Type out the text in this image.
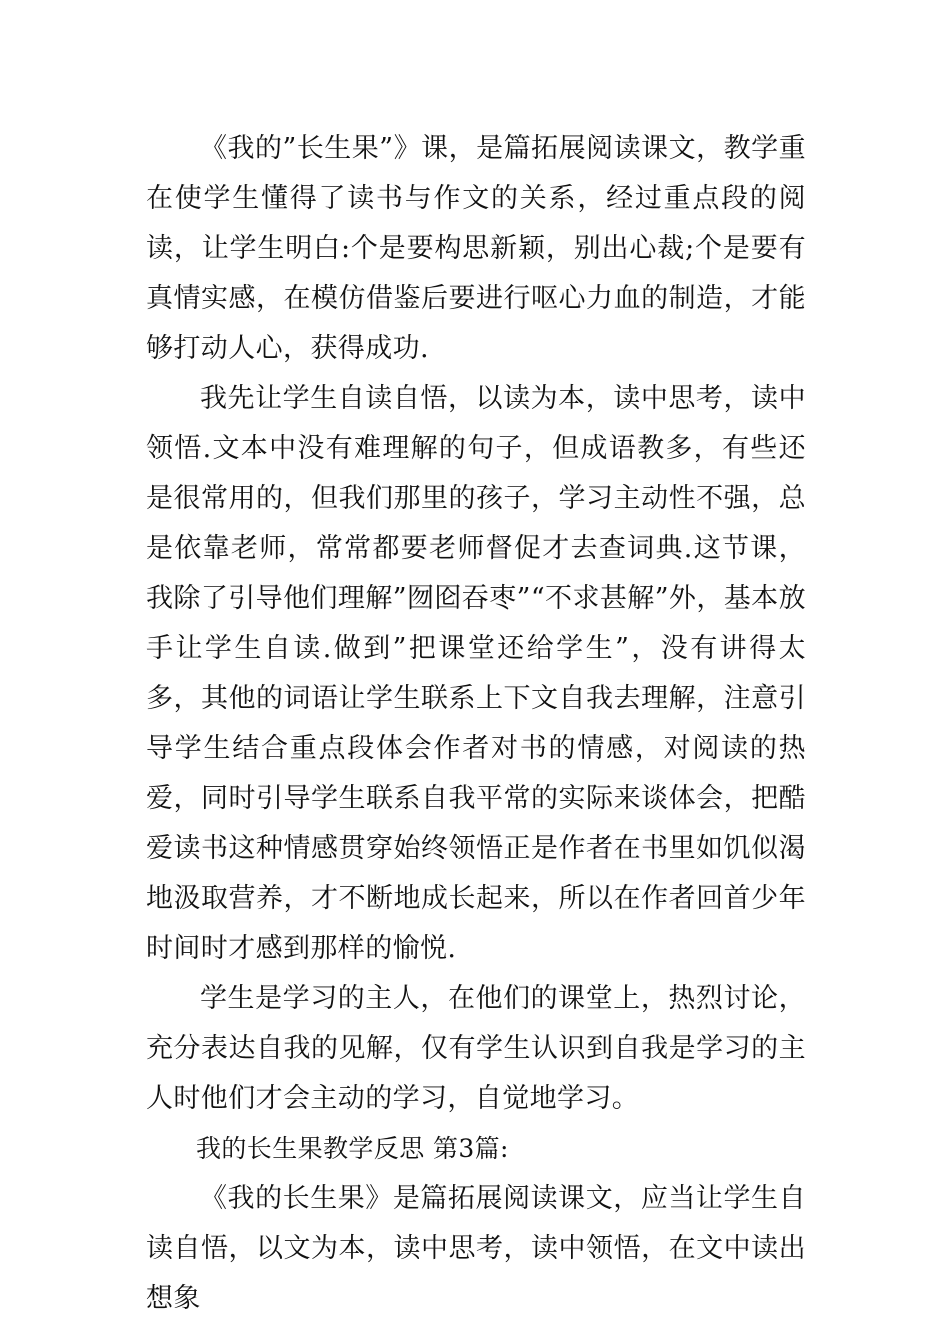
《我的”长生果”》课，是篇拓展阅读课文，教学重在使学生懂得了读书与作文的关系，经过重点段的阅读，让学生明白:个是要构思新颖，别出心裁;个是要有真情实感，在模仿借鉴后要进行呕心力血的制造，才能够打动人心，获得成功.

我先让学生自读自悟，以读为本，读中思考，读中领悟.文本中没有难理解的句子，但成语教多，有些还是很常用的，但我们那里的孩子，学习主动性不强，总是依靠老师，常常都要老师督促才去查词典.这节课，我除了引导他们理解”囫囵吞枣”“不求甚解”外，基本放手让学生自读.做到”把课堂还给学生”，没有讲得太多，其他的词语让学生联系上下文自我去理解，注意引导学生结合重点段体会作者对书的情感，对阅读的热爱，同时引导学生联系自我平常的实际来谈体会，把酷爱读书这种情感贯穿始终领悟正是作者在书里如饥似渴地汲取营养，才不断地成长起来，所以在作者回首少年时间时才感到那样的愉悦.

学生是学习的主人，在他们的课堂上，热烈讨论，充分表达自我的见解，仅有学生认识到自我是学习的主人时他们才会主动的学习，自觉地学习。

我的长生果教学反思 第3篇:

《我的长生果》是篇拓展阅读课文，应当让学生自读自悟，以文为本，读中思考，读中领悟，在文中读出想象
